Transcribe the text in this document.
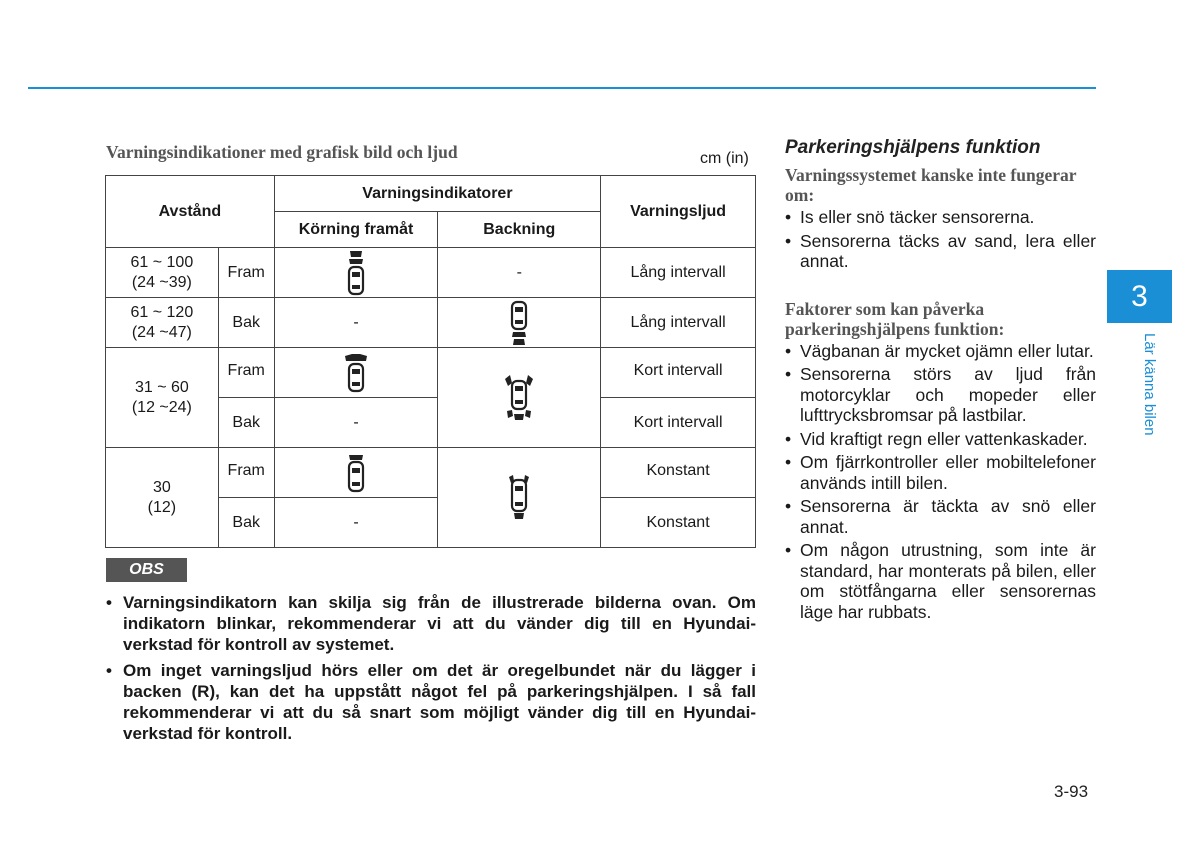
Varningsindikationer med grafisk bild och ljud	cm (in)
Avstånd		Varningsindikatorer		Varningsljud
		Körning framåt	Backning	
61 ~ 100
(24 ~39)	Fram		-	Lång intervall
61 ~ 120
(24 ~47)	Bak	-		Lång intervall
31 ~ 60
(12 ~24)	Fram			Kort intervall
	Bak	-		Kort intervall
30
(12)	Fram			Konstant
	Bak	-		Konstant
OBS
• Varningsindikatorn kan skilja sig från de illustrerade bilderna ovan. Om indikatorn blinkar, rekommenderar vi att du vänder dig till en Hyundai-verkstad för kontroll av systemet.
• Om inget varningsljud hörs eller om det är oregelbundet när du lägger i backen (R), kan det ha uppstått något fel på parkeringshjälpen. I så fall rekommenderar vi att du så snart som möjligt vänder dig till en Hyundai-verkstad för kontroll.

Parkeringshjälpens funktion

Varningssystemet kanske inte fungerar om:

• Is eller snö täcker sensorerna.
• Sensorerna täcks av sand, lera eller annat.

Faktorer som kan påverka parkeringshjälpens funktion:

• Vägbanan är mycket ojämn eller lutar.
• Sensorerna störs av ljud från motorcyklar och mopeder eller lufttrycksbromsar på lastbilar.
• Vid kraftigt regn eller vattenkaskader.
• Om fjärrkontroller eller mobiltelefoner används intill bilen.
• Sensorerna är täckta av snö eller annat.
• Om någon utrustning, som inte är standard, har monterats på bilen, eller om stötfångarna eller sensorernas läge har rubbats.
3
Lär känna bilen
3-93
